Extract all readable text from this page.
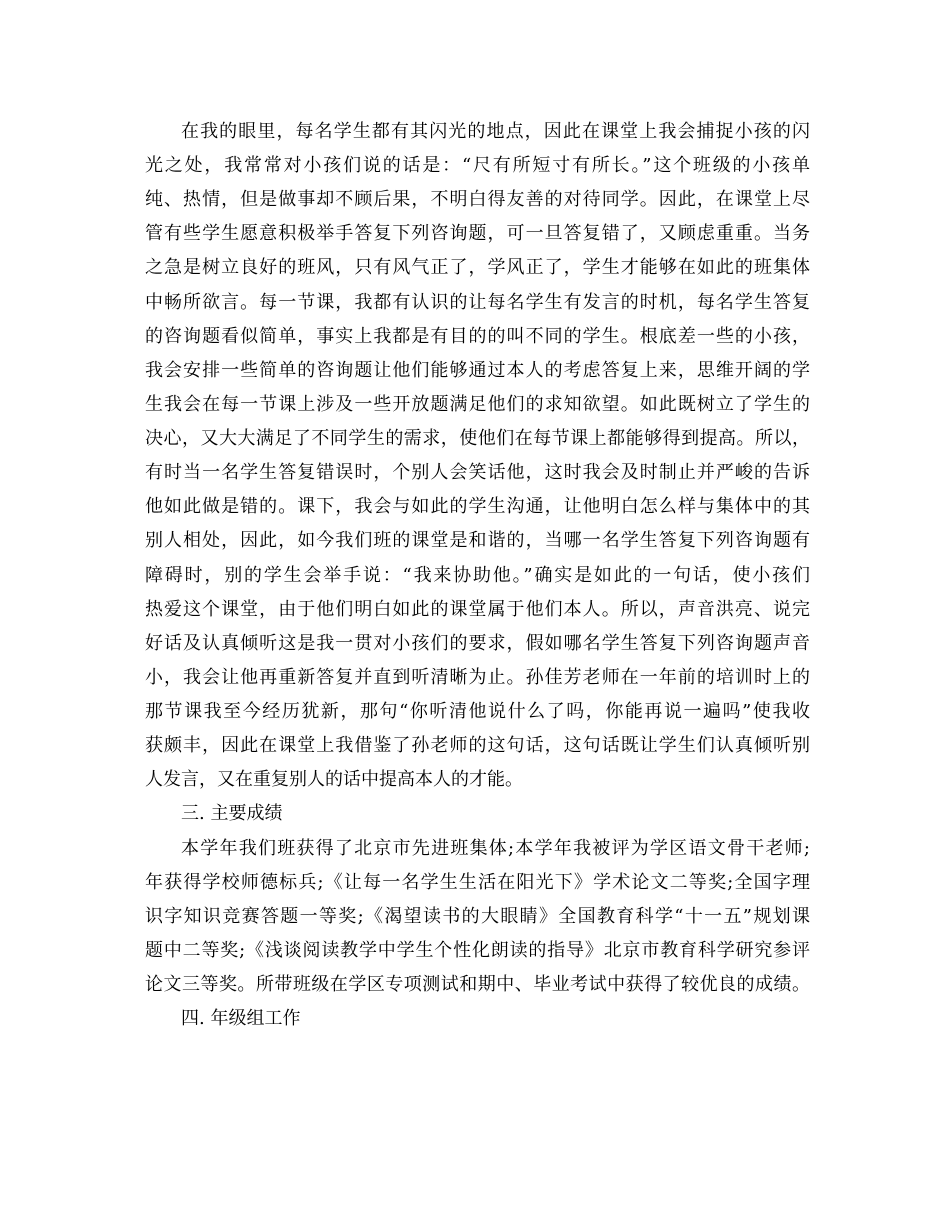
在我的眼里，每名学生都有其闪光的地点，因此在课堂上我会捕捉小孩的闪
光之处，我常常对小孩们说的话是：“尺有所短寸有所长。”这个班级的小孩单
纯、热情，但是做事却不顾后果，不明白得友善的对待同学。因此，在课堂上尽
管有些学生愿意积极举手答复下列咨询题，可一旦答复错了，又顾虑重重。当务
之急是树立良好的班风，只有风气正了，学风正了，学生才能够在如此的班集体
中畅所欲言。每一节课，我都有认识的让每名学生有发言的时机，每名学生答复
的咨询题看似简单，事实上我都是有目的的叫不同的学生。根底差一些的小孩，
我会安排一些简单的咨询题让他们能够通过本人的考虑答复上来，思维开阔的学
生我会在每一节课上涉及一些开放题满足他们的求知欲望。如此既树立了学生的
决心，又大大满足了不同学生的需求，使他们在每节课上都能够得到提高。所以，
有时当一名学生答复错误时，个别人会笑话他，这时我会及时制止并严峻的告诉
他如此做是错的。课下，我会与如此的学生沟通，让他明白怎么样与集体中的其
别人相处，因此，如今我们班的课堂是和谐的，当哪一名学生答复下列咨询题有
障碍时，别的学生会举手说：“我来协助他。”确实是如此的一句话，使小孩们
热爱这个课堂，由于他们明白如此的课堂属于他们本人。所以，声音洪亮、说完
好话及认真倾听这是我一贯对小孩们的要求，假如哪名学生答复下列咨询题声音
小，我会让他再重新答复并直到听清晰为止。孙佳芳老师在一年前的培训时上的
那节课我至今经历犹新，那句“你听清他说什么了吗，你能再说一遍吗”使我收
获颇丰，因此在课堂上我借鉴了孙老师的这句话，这句话既让学生们认真倾听别
人发言，又在重复别人的话中提高本人的才能。
三. 主要成绩
本学年我们班获得了北京市先进班集体;本学年我被评为学区语文骨干老师;
年获得学校师德标兵;《让每一名学生生活在阳光下》学术论文二等奖;全国字理
识字知识竞赛答题一等奖;《渴望读书的大眼睛》全国教育科学“十一五”规划课
题中二等奖;《浅谈阅读教学中学生个性化朗读的指导》北京市教育科学研究参评
论文三等奖。所带班级在学区专项测试和期中、毕业考试中获得了较优良的成绩。
四. 年级组工作
